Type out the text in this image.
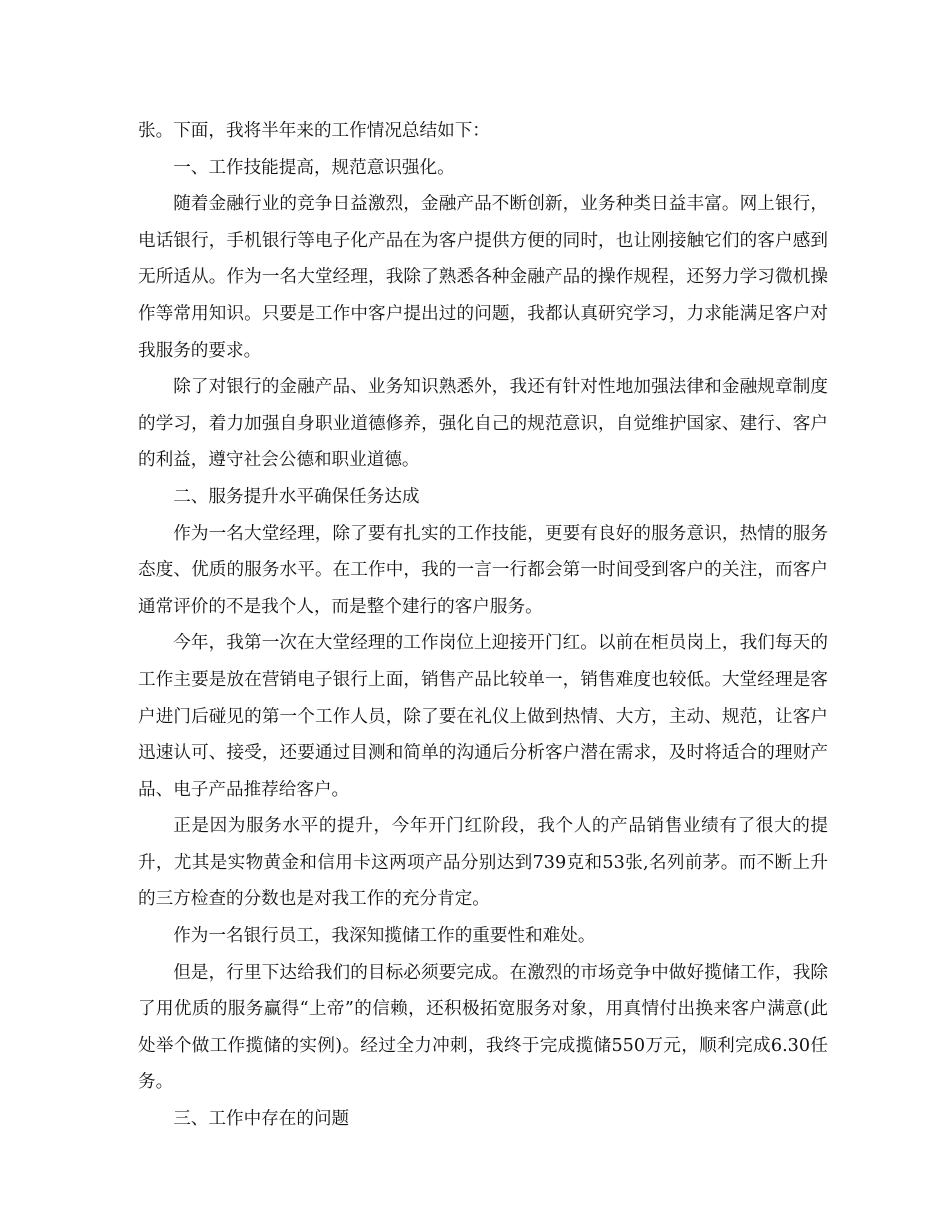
张。下面，我将半年来的工作情况总结如下：

一、工作技能提高，规范意识强化。

随着金融行业的竞争日益激烈，金融产品不断创新，业务种类日益丰富。网上银行，电话银行，手机银行等电子化产品在为客户提供方便的同时，也让刚接触它们的客户感到无所适从。作为一名大堂经理，我除了熟悉各种金融产品的操作规程，还努力学习微机操作等常用知识。只要是工作中客户提出过的问题，我都认真研究学习，力求能满足客户对我服务的要求。

除了对银行的金融产品、业务知识熟悉外，我还有针对性地加强法律和金融规章制度的学习，着力加强自身职业道德修养，强化自己的规范意识，自觉维护国家、建行、客户的利益，遵守社会公德和职业道德。

二、服务提升水平确保任务达成

作为一名大堂经理，除了要有扎实的工作技能，更要有良好的服务意识，热情的服务态度、优质的服务水平。在工作中，我的一言一行都会第一时间受到客户的关注，而客户通常评价的不是我个人，而是整个建行的客户服务。

今年，我第一次在大堂经理的工作岗位上迎接开门红。以前在柜员岗上，我们每天的工作主要是放在营销电子银行上面，销售产品比较单一，销售难度也较低。大堂经理是客户进门后碰见的第一个工作人员，除了要在礼仪上做到热情、大方，主动、规范，让客户迅速认可、接受，还要通过目测和简单的沟通后分析客户潜在需求，及时将适合的理财产品、电子产品推荐给客户。

正是因为服务水平的提升，今年开门红阶段，我个人的产品销售业绩有了很大的提升，尤其是实物黄金和信用卡这两项产品分别达到739克和53张,名列前茅。而不断上升的三方检查的分数也是对我工作的充分肯定。

作为一名银行员工，我深知揽储工作的重要性和难处。

但是，行里下达给我们的目标必须要完成。在激烈的市场竞争中做好揽储工作，我除了用优质的服务赢得“上帝”的信赖，还积极拓宽服务对象，用真情付出换来客户满意(此处举个做工作揽储的实例)。经过全力冲刺，我终于完成揽储550万元，顺利完成6.30任务。

三、工作中存在的问题
